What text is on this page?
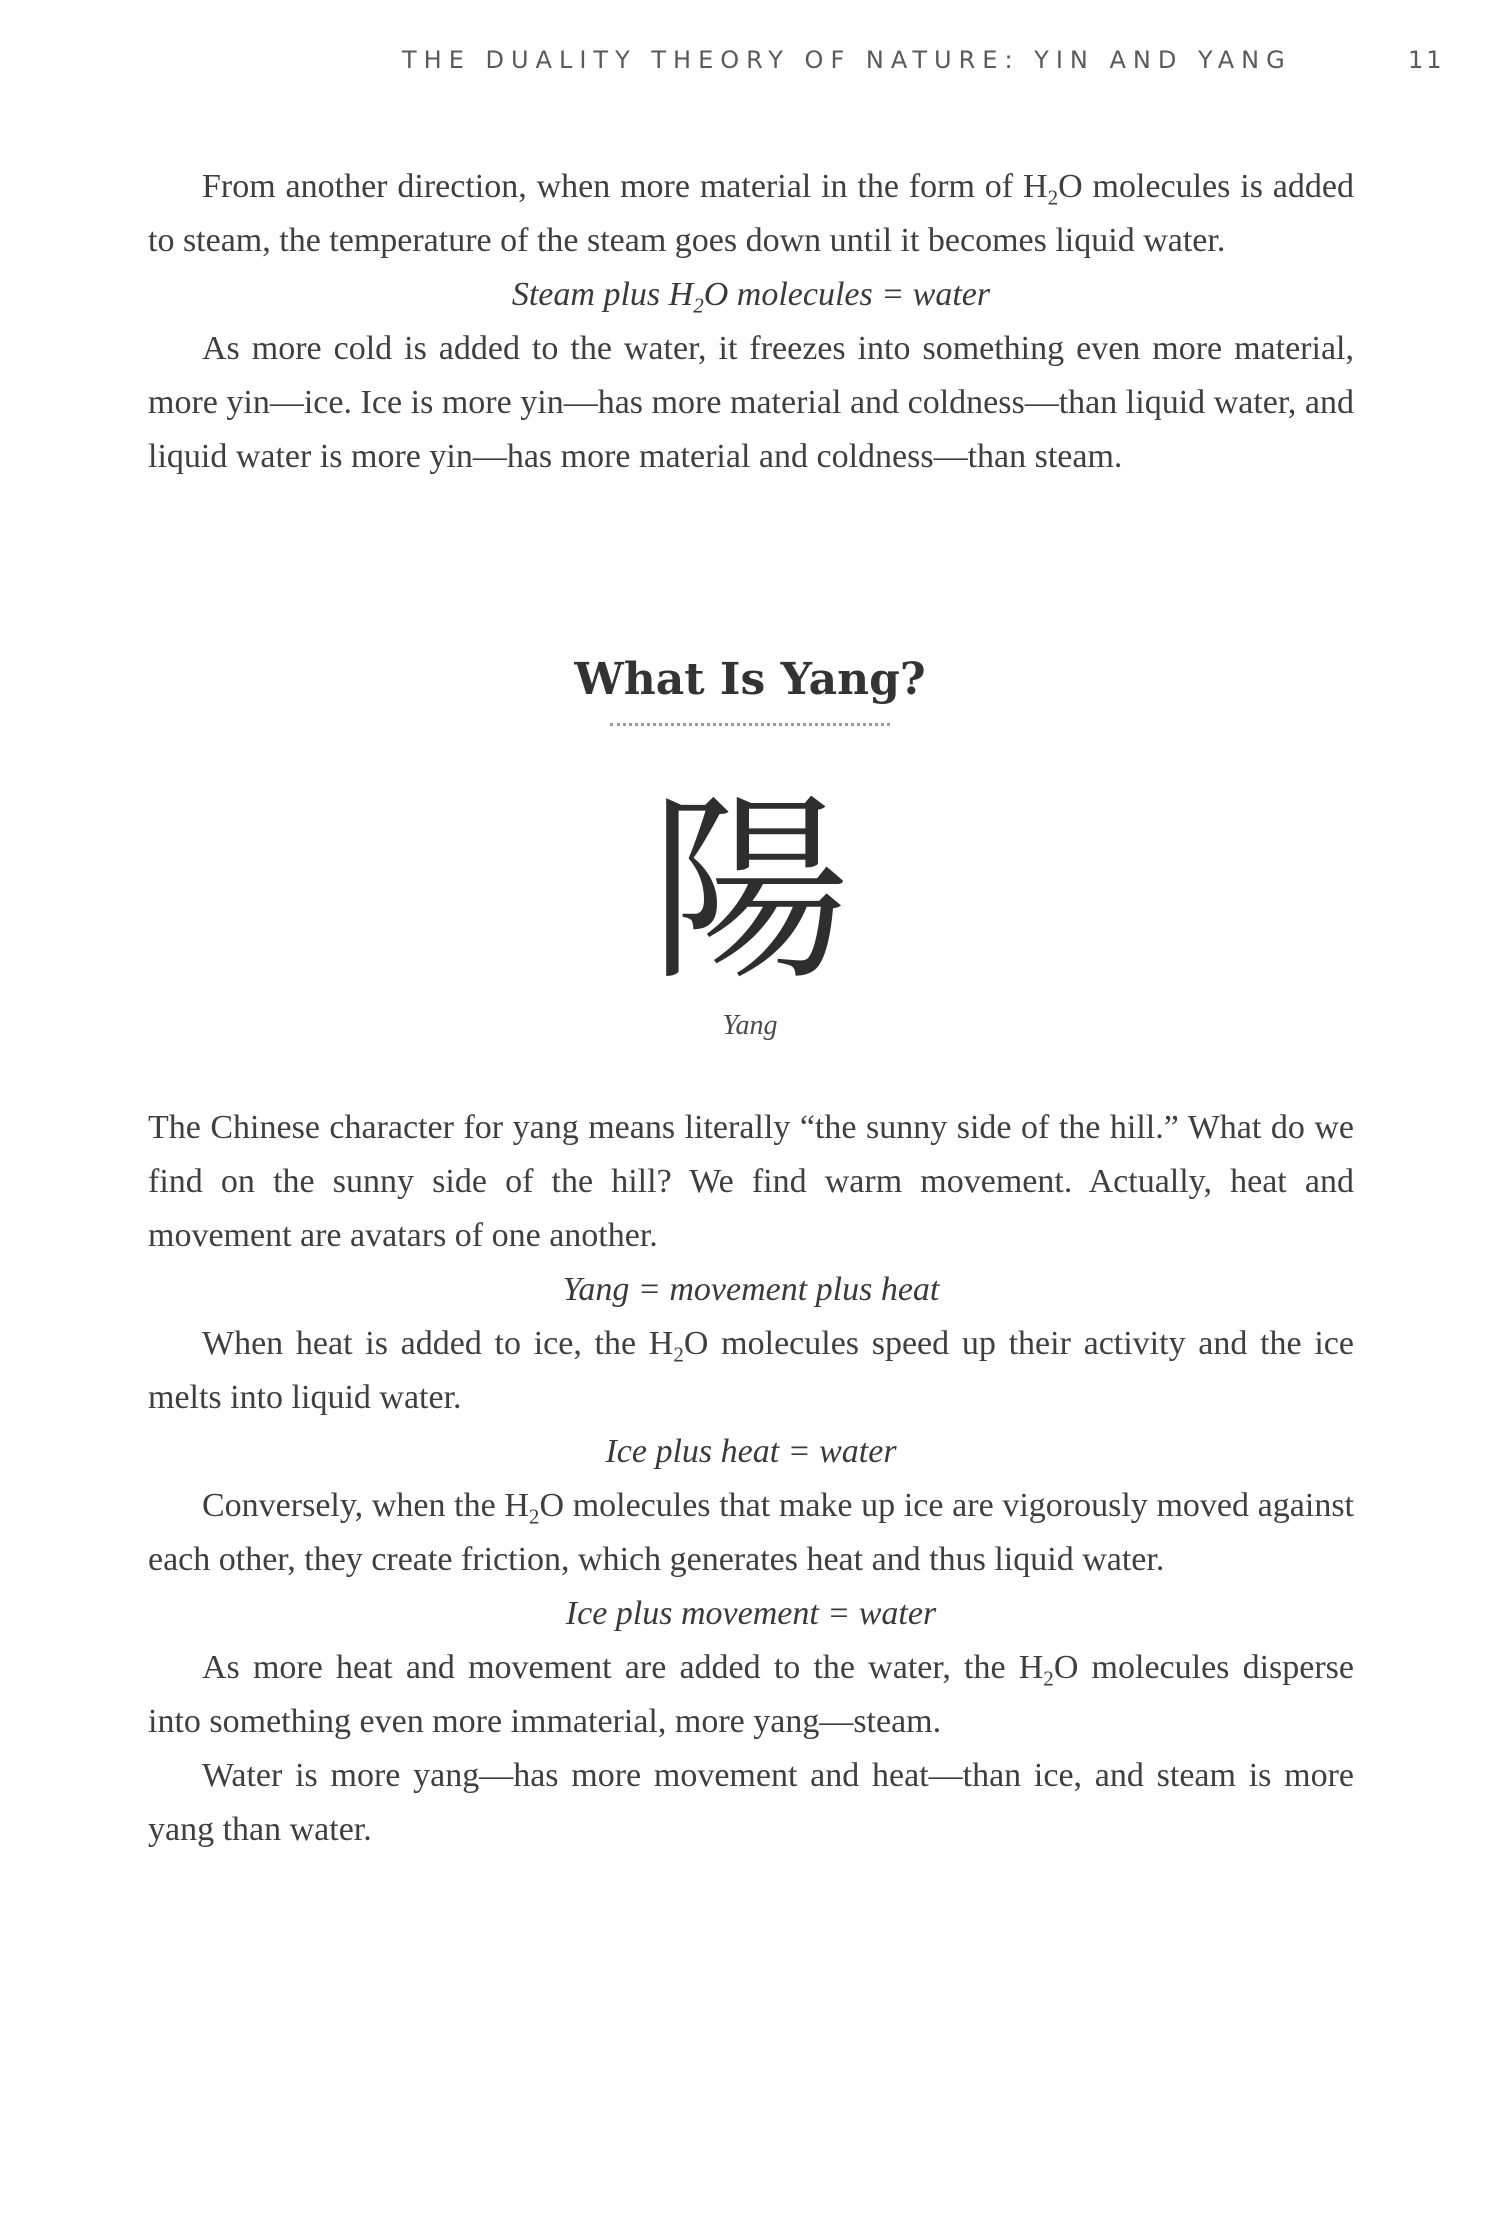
THE DUALITY THEORY OF NATURE: YIN AND YANG	11

From another direction, when more material in the form of $H_2O$ molecules is added to steam, the temperature of the steam goes down until it becomes liquid water.

Steam plus $H_2O$ molecules = water

As more cold is added to the water, it freezes into something even more material, more yin—ice. Ice is more yin—has more material and coldness—than liquid water, and liquid water is more yin—has more material and coldness—than steam.

What Is Yang?
陽
Yang

The Chinese character for yang means literally “the sunny side of the hill.” What do we find on the sunny side of the hill? We find warm movement. Actually, heat and movement are avatars of one another.

Yang = movement plus heat

When heat is added to ice, the $H_2O$ molecules speed up their activity and the ice melts into liquid water.

Ice plus heat = water

Conversely, when the $H_2O$ molecules that make up ice are vigorously moved against each other, they create friction, which generates heat and thus liquid water.

Ice plus movement = water

As more heat and movement are added to the water, the $H_2O$ molecules disperse into something even more immaterial, more yang—steam.

Water is more yang—has more movement and heat—than ice, and steam is more yang than water.
